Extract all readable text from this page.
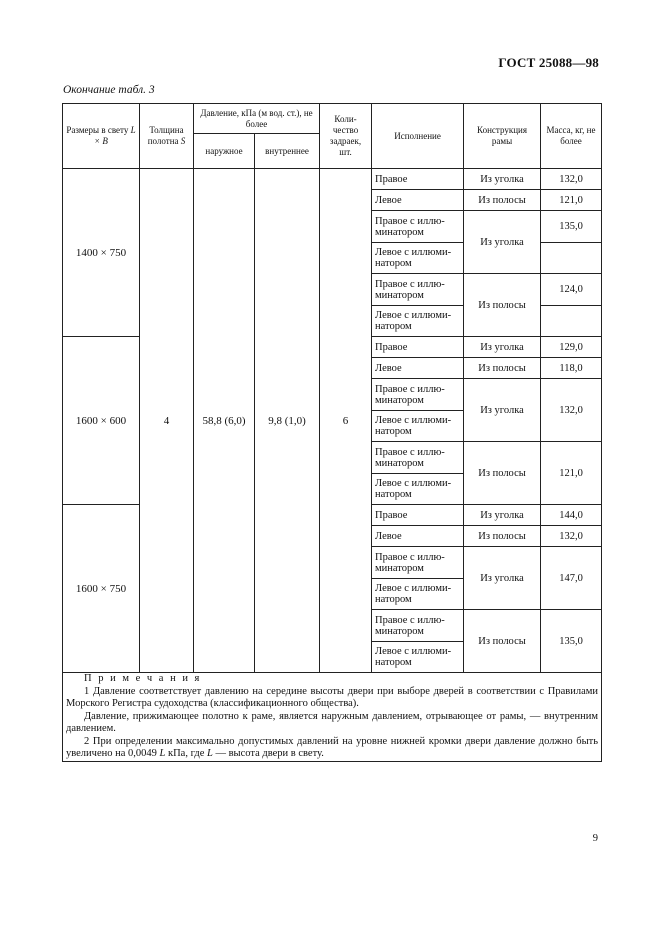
ГОСТ 25088—98
Окончание табл. 3
Размеры в свету L × B	Толщина полотна S	Давление, кПа (м вод. ст.), не более		Коли-чество задраек, шт.	Исполнение	Конструкция рамы	Масса, кг, не более
		наружное	внутреннее				
1400 × 750	4	58,8 (6,0)	9,8 (1,0)	6	Правое	Из уголка	132,0
					Левое	Из полосы	121,0
					Правое с иллю-минатором	Из уголка	135,0
					Левое с иллюми-натором		
					Правое с иллю-минатором	Из полосы	124,0
					Левое с иллюми-натором		
1600 × 600					Правое	Из уголка	129,0
					Левое	Из полосы	118,0
					Правое с иллю-минатором	Из уголка	132,0
					Левое с иллюми-натором		
					Правое с иллю-минатором	Из полосы	121,0
					Левое с иллюми-натором		
1600 × 750					Правое	Из уголка	144,0
					Левое	Из полосы	132,0
					Правое с иллю-минатором	Из уголка	147,0
					Левое с иллюми-натором		
					Правое с иллю-минатором	Из полосы	135,0
					Левое с иллюми-натором		

П р и м е ч а н и я
1 Давление соответствует давлению на середине высоты двери при выборе дверей в соответствии с Правилами Морского Регистра судоходства (классификационного общества).
Давление, прижимающее полотно к раме, является наружным давлением, отрывающее от рамы, — внутренним давлением.
2 При определении максимально допустимых давлений на уровне нижней кромки двери давление должно быть увеличено на 0,0049 L кПа, где L — высота двери в свету.							
9
